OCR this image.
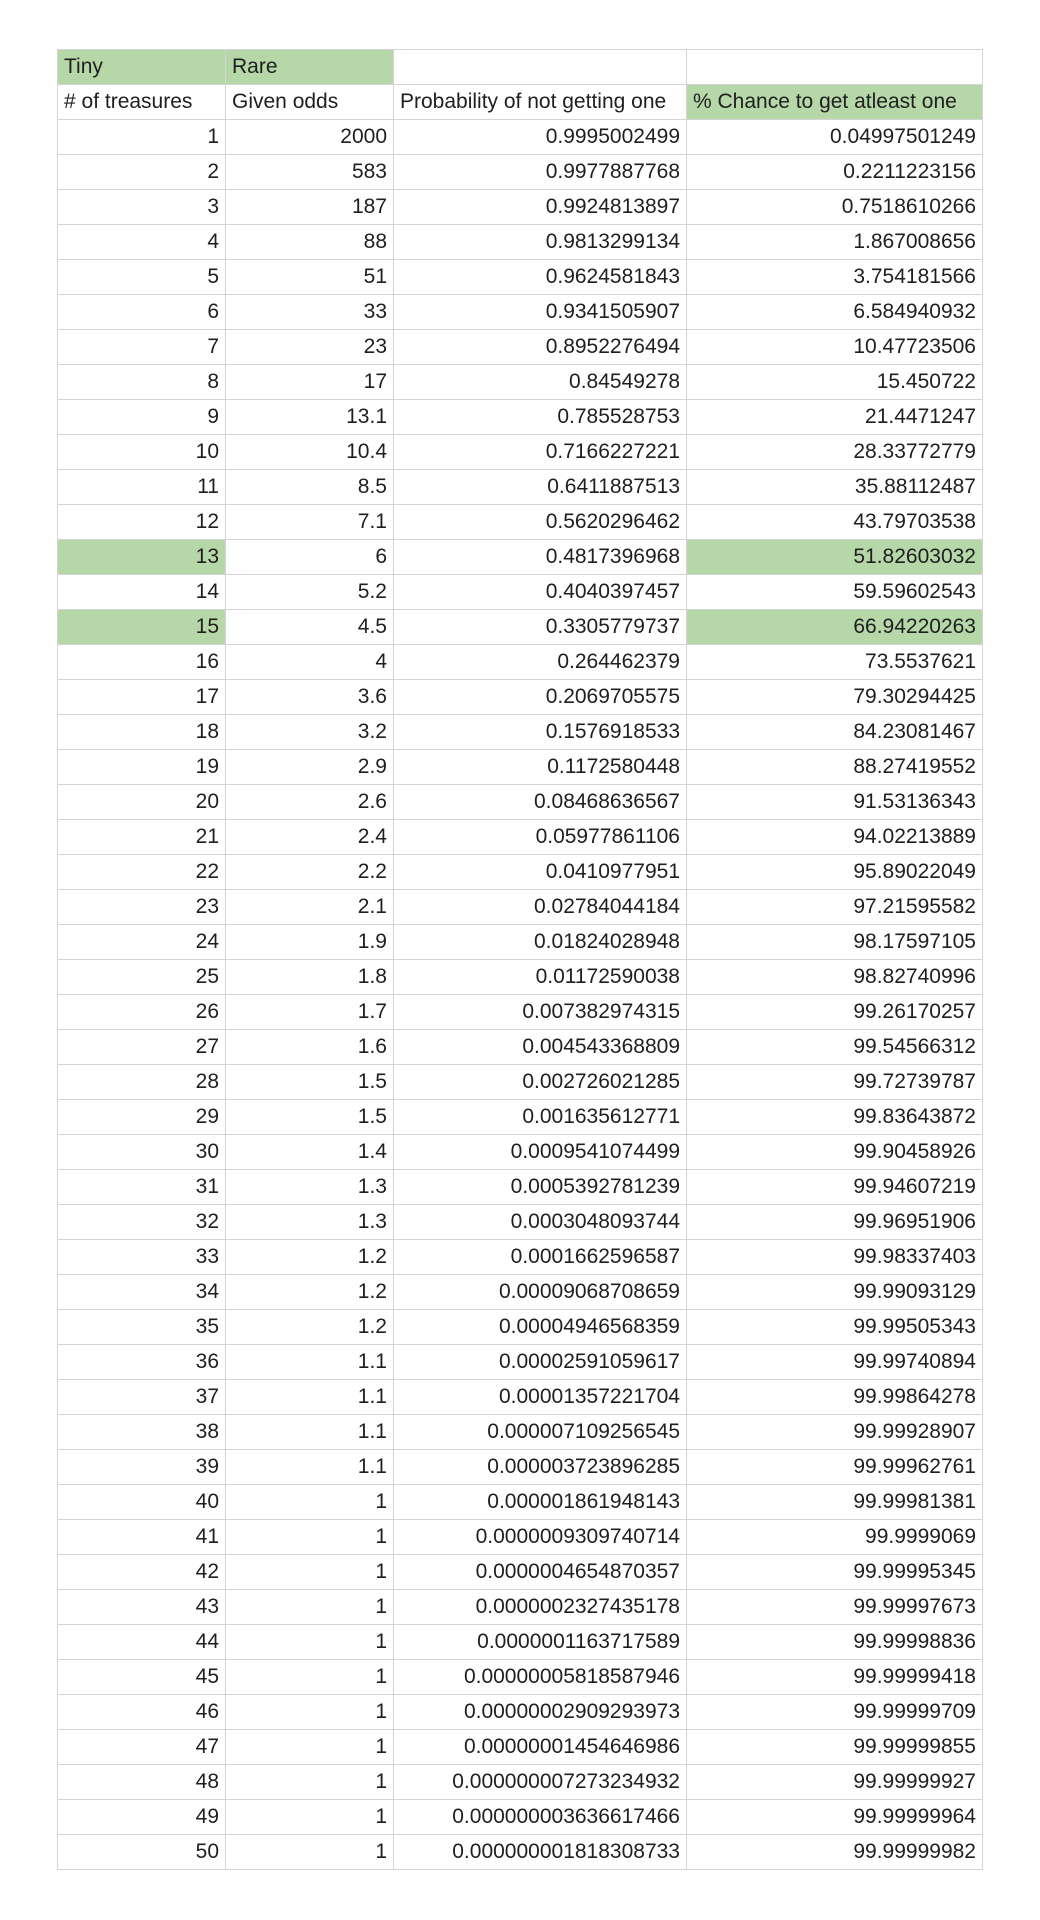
Tiny	Rare		
# of treasures	Given odds	Probability of not getting one	% Chance to get atleast one
1	2000	0.9995002499	0.04997501249
2	583	0.9977887768	0.2211223156
3	187	0.9924813897	0.7518610266
4	88	0.9813299134	1.867008656
5	51	0.9624581843	3.754181566
6	33	0.9341505907	6.584940932
7	23	0.8952276494	10.47723506
8	17	0.84549278	15.450722
9	13.1	0.785528753	21.4471247
10	10.4	0.7166227221	28.33772779
11	8.5	0.6411887513	35.88112487
12	7.1	0.5620296462	43.79703538
13	6	0.4817396968	51.82603032
14	5.2	0.4040397457	59.59602543
15	4.5	0.3305779737	66.94220263
16	4	0.264462379	73.5537621
17	3.6	0.2069705575	79.30294425
18	3.2	0.1576918533	84.23081467
19	2.9	0.1172580448	88.27419552
20	2.6	0.08468636567	91.53136343
21	2.4	0.05977861106	94.02213889
22	2.2	0.0410977951	95.89022049
23	2.1	0.02784044184	97.21595582
24	1.9	0.01824028948	98.17597105
25	1.8	0.01172590038	98.82740996
26	1.7	0.007382974315	99.26170257
27	1.6	0.004543368809	99.54566312
28	1.5	0.002726021285	99.72739787
29	1.5	0.001635612771	99.83643872
30	1.4	0.0009541074499	99.90458926
31	1.3	0.0005392781239	99.94607219
32	1.3	0.0003048093744	99.96951906
33	1.2	0.0001662596587	99.98337403
34	1.2	0.00009068708659	99.99093129
35	1.2	0.00004946568359	99.99505343
36	1.1	0.00002591059617	99.99740894
37	1.1	0.00001357221704	99.99864278
38	1.1	0.000007109256545	99.99928907
39	1.1	0.000003723896285	99.99962761
40	1	0.000001861948143	99.99981381
41	1	0.0000009309740714	99.9999069
42	1	0.0000004654870357	99.99995345
43	1	0.0000002327435178	99.99997673
44	1	0.0000001163717589	99.99998836
45	1	0.00000005818587946	99.99999418
46	1	0.00000002909293973	99.99999709
47	1	0.00000001454646986	99.99999855
48	1	0.000000007273234932	99.99999927
49	1	0.000000003636617466	99.99999964
50	1	0.000000001818308733	99.99999982
